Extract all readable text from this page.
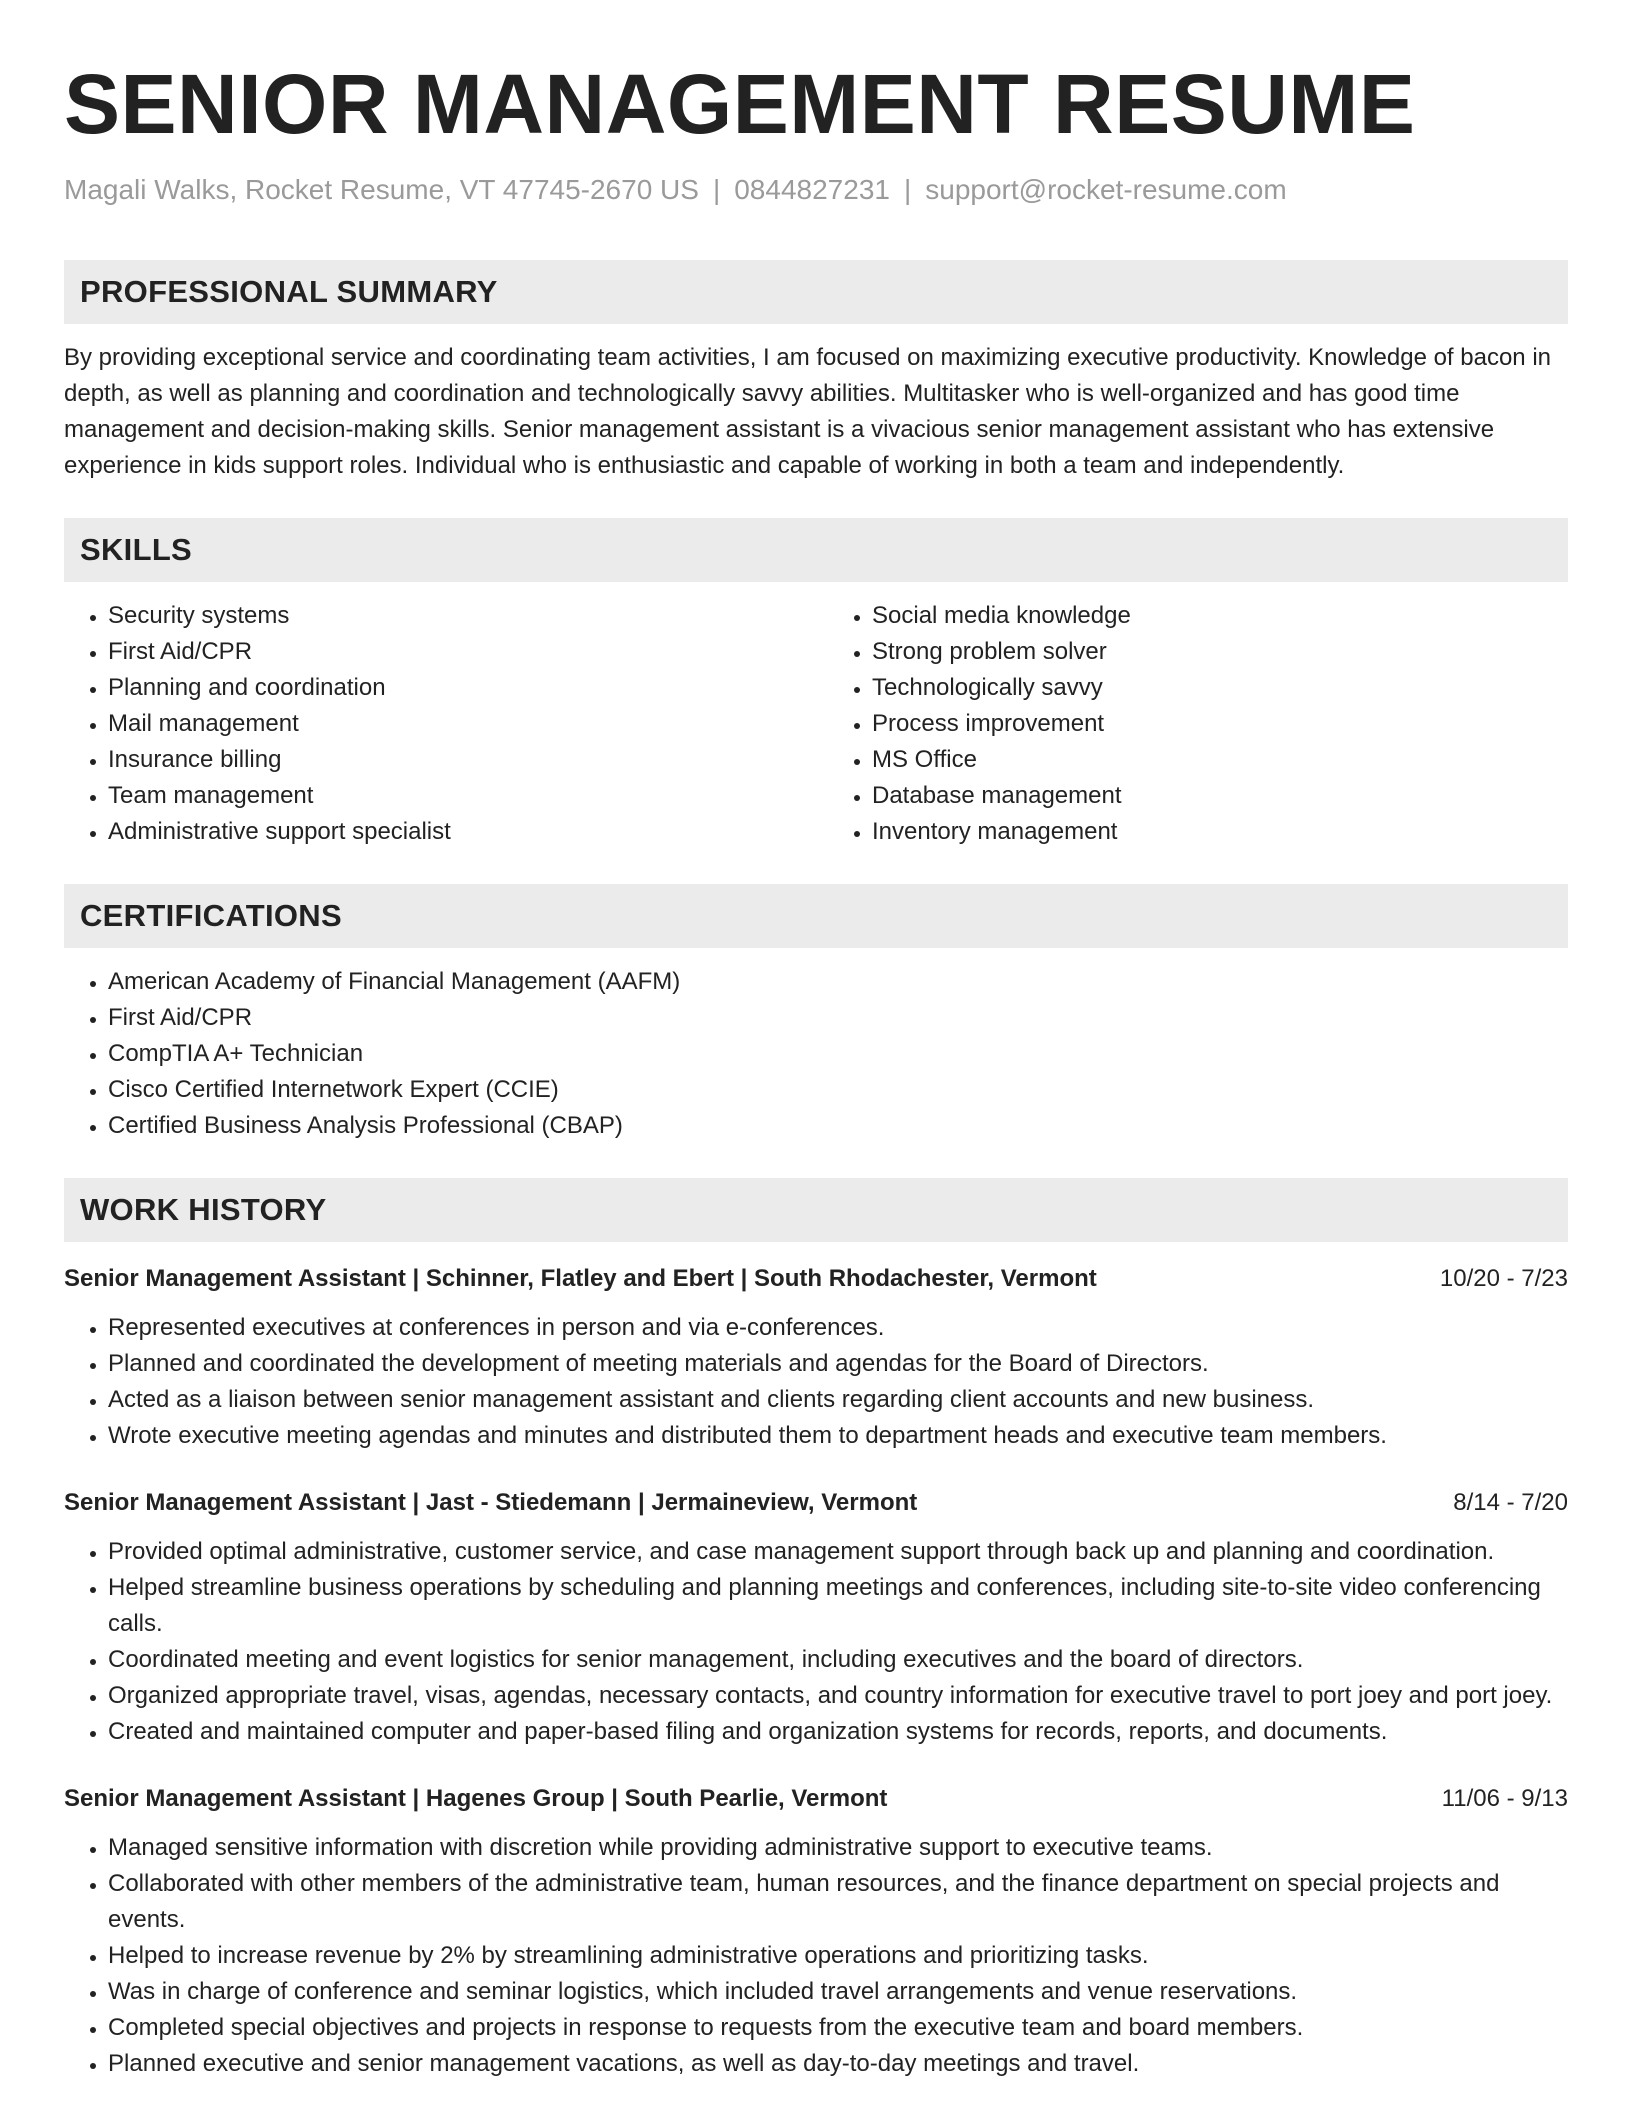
SENIOR MANAGEMENT RESUME
Magali Walks, Rocket Resume, VT 47745-2670 US | 0844827231 | support@rocket-resume.com
PROFESSIONAL SUMMARY

By providing exceptional service and coordinating team activities, I am focused on maximizing executive productivity. Knowledge of bacon in depth, as well as planning and coordination and technologically savvy abilities. Multitasker who is well-organized and has good time management and decision-making skills. Senior management assistant is a vivacious senior management assistant who has extensive experience in kids support roles. Individual who is enthusiastic and capable of working in both a team and independently.

SKILLS
• Security systems
• First Aid/CPR
• Planning and coordination
• Mail management
• Insurance billing
• Team management
• Administrative support specialist
• Social media knowledge
• Strong problem solver
• Technologically savvy
• Process improvement
• MS Office
• Database management
• Inventory management
CERTIFICATIONS
• American Academy of Financial Management (AAFM)
• First Aid/CPR
• CompTIA A+ Technician
• Cisco Certified Internetwork Expert (CCIE)
• Certified Business Analysis Professional (CBAP)
WORK HISTORY
Senior Management Assistant | Schinner, Flatley and Ebert | South Rhodachester, Vermont	10/20 - 7/23
• Represented executives at conferences in person and via e-conferences.
• Planned and coordinated the development of meeting materials and agendas for the Board of Directors.
• Acted as a liaison between senior management assistant and clients regarding client accounts and new business.
• Wrote executive meeting agendas and minutes and distributed them to department heads and executive team members.
Senior Management Assistant | Jast - Stiedemann | Jermaineview, Vermont	8/14 - 7/20
• Provided optimal administrative, customer service, and case management support through back up and planning and coordination.
• Helped streamline business operations by scheduling and planning meetings and conferences, including site-to-site video conferencing calls.
• Coordinated meeting and event logistics for senior management, including executives and the board of directors.
• Organized appropriate travel, visas, agendas, necessary contacts, and country information for executive travel to port joey and port joey.
• Created and maintained computer and paper-based filing and organization systems for records, reports, and documents.
Senior Management Assistant | Hagenes Group | South Pearlie, Vermont	11/06 - 9/13
• Managed sensitive information with discretion while providing administrative support to executive teams.
• Collaborated with other members of the administrative team, human resources, and the finance department on special projects and events.
• Helped to increase revenue by 2% by streamlining administrative operations and prioritizing tasks.
• Was in charge of conference and seminar logistics, which included travel arrangements and venue reservations.
• Completed special objectives and projects in response to requests from the executive team and board members.
• Planned executive and senior management vacations, as well as day-to-day meetings and travel.
